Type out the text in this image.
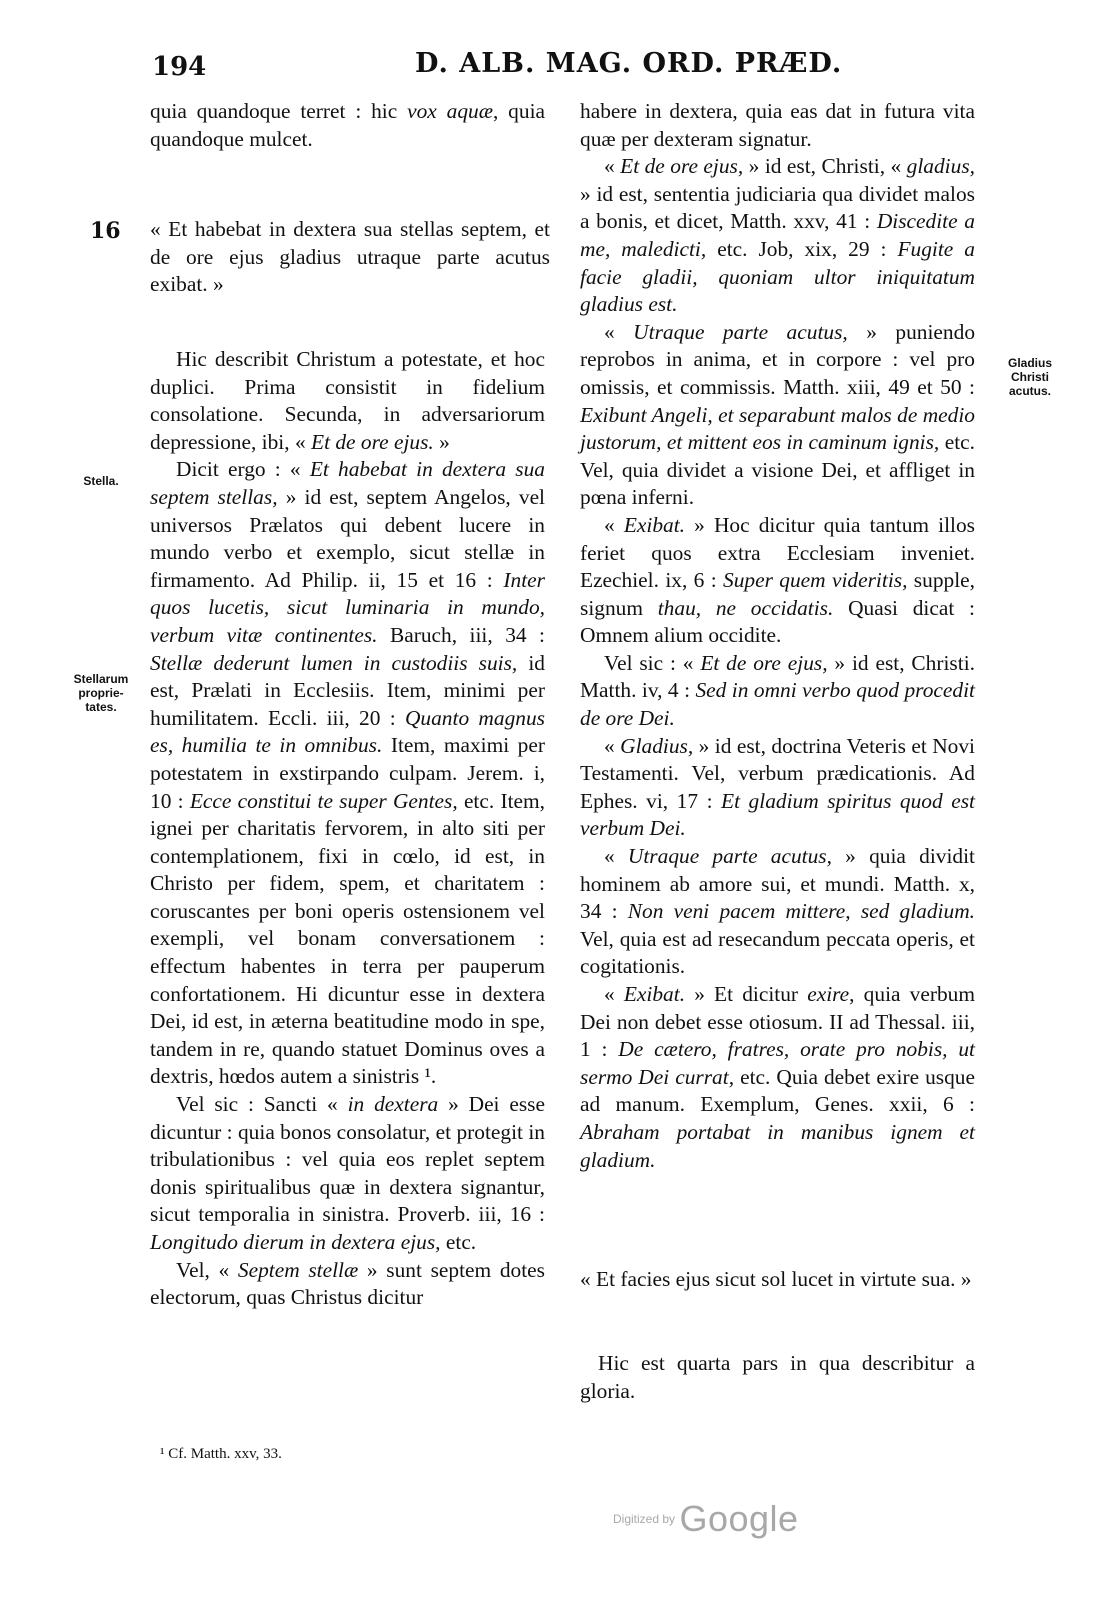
194	D. ALB. MAG. ORD. PRÆD.
16
Stella.
Stellarum proprie-tates.
Gladius Christi acutus.

quia quandoque terret : hic vox aquæ, quia quandoque mulcet.

« Et habebat in dextera sua stellas septem, et de ore ejus gladius utraque parte acutus exibat. »

Hic describit Christum a potestate, et hoc duplici. Prima consistit in fidelium consolatione. Secunda, in adversariorum depressione, ibi, « Et de ore ejus. »

Dicit ergo : « Et habebat in dextera sua septem stellas, » id est, septem Angelos, vel universos Prælatos qui debent lucere in mundo verbo et exemplo, sicut stellæ in firmamento. Ad Philip. ii, 15 et 16 : Inter quos lucetis, sicut luminaria in mundo, verbum vitæ continentes. Baruch, iii, 34 : Stellæ dederunt lumen in custodiis suis, id est, Prælati in Ecclesiis. Item, minimi per humilitatem. Eccli. iii, 20 : Quanto magnus es, humilia te in omnibus. Item, maximi per potestatem in exstirpando culpam. Jerem. i, 10 : Ecce constitui te super Gentes, etc. Item, ignei per charitatis fervorem, in alto siti per contemplationem, fixi in cœlo, id est, in Christo per fidem, spem, et charitatem : coruscantes per boni operis ostensionem vel exempli, vel bonam conversationem : effectum habentes in terra per pauperum confortationem. Hi dicuntur esse in dextera Dei, id est, in æterna beatitudine modo in spe, tandem in re, quando statuet Dominus oves a dextris, hœdos autem a sinistris ¹.

Vel sic : Sancti « in dextera » Dei esse dicuntur : quia bonos consolatur, et protegit in tribulationibus : vel quia eos replet septem donis spiritualibus quæ in dextera signantur, sicut temporalia in sinistra. Proverb. iii, 16 : Longitudo dierum in dextera ejus, etc.

Vel, « Septem stellæ » sunt septem dotes electorum, quas Christus dicitur

habere in dextera, quia eas dat in futura vita quæ per dexteram signatur.

« Et de ore ejus, » id est, Christi, « gladius, » id est, sententia judiciaria qua dividet malos a bonis, et dicet, Matth. xxv, 41 : Discedite a me, maledicti, etc. Job, xix, 29 : Fugite a facie gladii, quoniam ultor iniquitatum gladius est.

« Utraque parte acutus, » puniendo reprobos in anima, et in corpore : vel pro omissis, et commissis. Matth. xiii, 49 et 50 : Exibunt Angeli, et separabunt malos de medio justorum, et mittent eos in caminum ignis, etc. Vel, quia dividet a visione Dei, et affliget in pœna inferni.

« Exibat. » Hoc dicitur quia tantum illos feriet quos extra Ecclesiam inveniet. Ezechiel. ix, 6 : Super quem videritis, supple, signum thau, ne occidatis. Quasi dicat : Omnem alium occidite.

Vel sic : « Et de ore ejus, » id est, Christi. Matth. iv, 4 : Sed in omni verbo quod procedit de ore Dei.

« Gladius, » id est, doctrina Veteris et Novi Testamenti. Vel, verbum prædicationis. Ad Ephes. vi, 17 : Et gladium spiritus quod est verbum Dei.

« Utraque parte acutus, » quia dividit hominem ab amore sui, et mundi. Matth. x, 34 : Non veni pacem mittere, sed gladium. Vel, quia est ad resecandum peccata operis, et cogitationis.

« Exibat. » Et dicitur exire, quia verbum Dei non debet esse otiosum. II ad Thessal. iii, 1 : De cætero, fratres, orate pro nobis, ut sermo Dei currat, etc. Quia debet exire usque ad manum. Exemplum, Genes. xxii, 6 : Abraham portabat in manibus ignem et gladium.

« Et facies ejus sicut sol lucet in virtute sua. »

Hic est quarta pars in qua describitur a gloria.

¹ Cf. Matth. xxv, 33.
Digitized by Google
